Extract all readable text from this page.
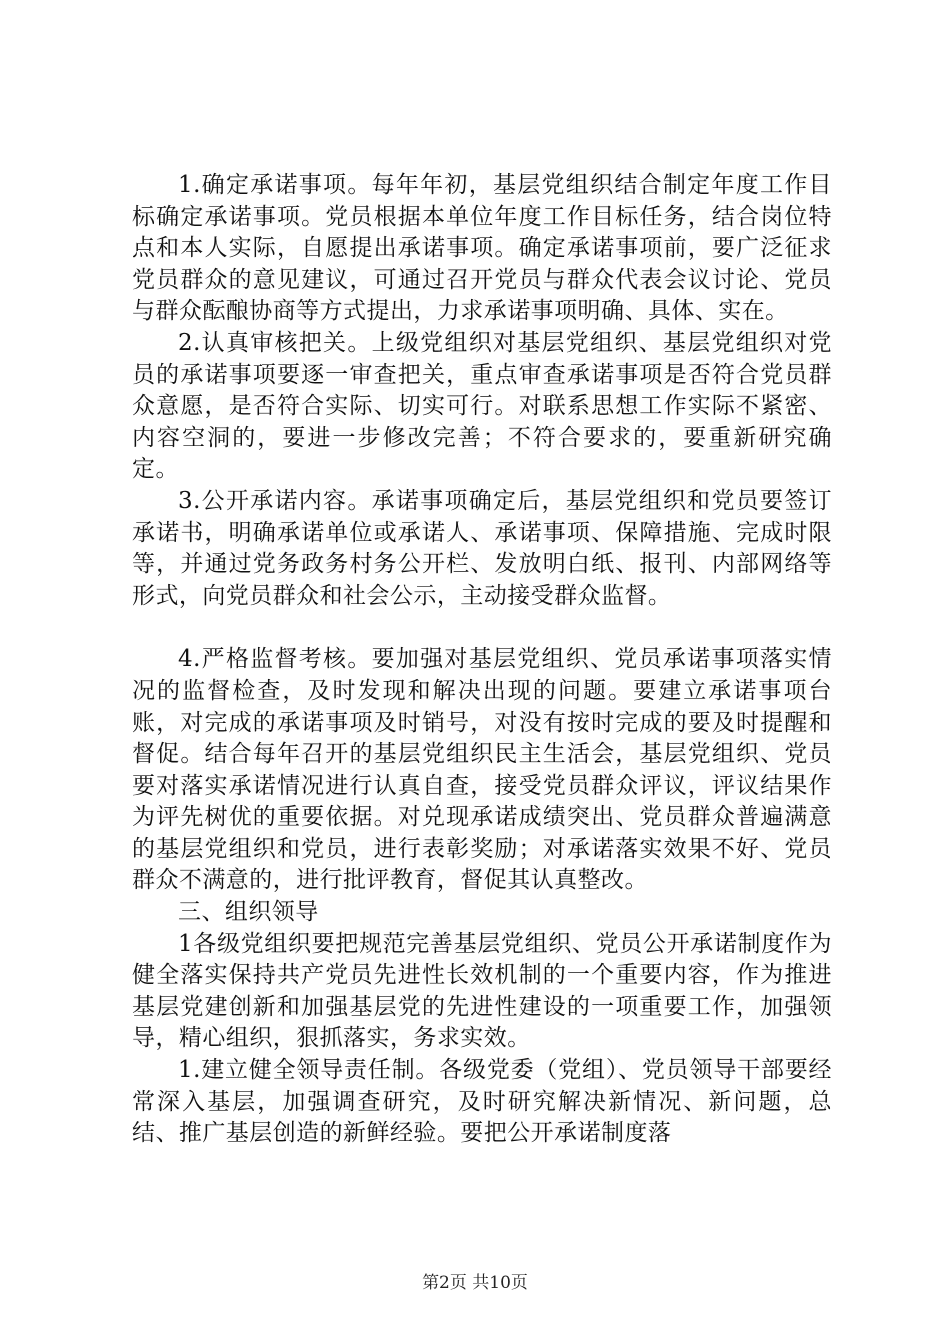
1.确定承诺事项。每年年初，基层党组织结合制定年度工作目标确定承诺事项。党员根据本单位年度工作目标任务，结合岗位特点和本人实际，自愿提出承诺事项。确定承诺事项前，要广泛征求党员群众的意见建议，可通过召开党员与群众代表会议讨论、党员与群众酝酿协商等方式提出，力求承诺事项明确、具体、实在。

2.认真审核把关。上级党组织对基层党组织、基层党组织对党员的承诺事项要逐一审查把关，重点审查承诺事项是否符合党员群众意愿，是否符合实际、切实可行。对联系思想工作实际不紧密、内容空洞的，要进一步修改完善；不符合要求的，要重新研究确定。

3.公开承诺内容。承诺事项确定后，基层党组织和党员要签订承诺书，明确承诺单位或承诺人、承诺事项、保障措施、完成时限等，并通过党务政务村务公开栏、发放明白纸、报刊、内部网络等形式，向党员群众和社会公示，主动接受群众监督。

4.严格监督考核。要加强对基层党组织、党员承诺事项落实情况的监督检查，及时发现和解决出现的问题。要建立承诺事项台账，对完成的承诺事项及时销号，对没有按时完成的要及时提醒和督促。结合每年召开的基层党组织民主生活会，基层党组织、党员要对落实承诺情况进行认真自查，接受党员群众评议，评议结果作为评先树优的重要依据。对兑现承诺成绩突出、党员群众普遍满意的基层党组织和党员，进行表彰奖励；对承诺落实效果不好、党员群众不满意的，进行批评教育，督促其认真整改。

三、组织领导

1各级党组织要把规范完善基层党组织、党员公开承诺制度作为健全落实保持共产党员先进性长效机制的一个重要内容，作为推进基层党建创新和加强基层党的先进性建设的一项重要工作，加强领导，精心组织，狠抓落实，务求实效。

1.建立健全领导责任制。各级党委（党组）、党员领导干部要经常深入基层，加强调查研究，及时研究解决新情况、新问题，总结、推广基层创造的新鲜经验。要把公开承诺制度落

第2页 共10页
